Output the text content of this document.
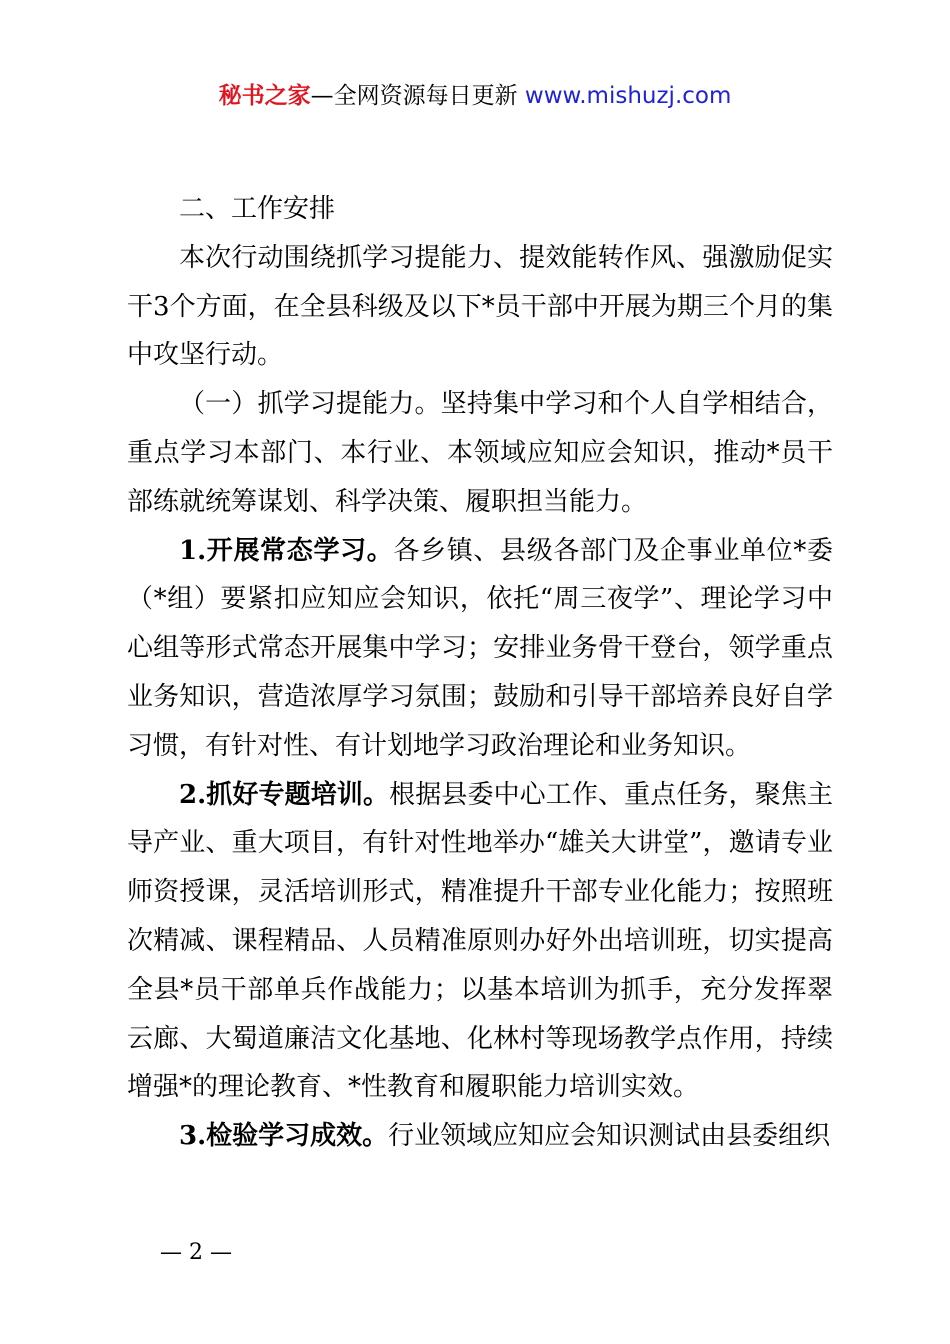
秘书之家—全网资源每日更新 www.mishuzj.com

二、工作安排

本次行动围绕抓学习提能力、提效能转作风、强激励促实干3个方面，在全县科级及以下*员干部中开展为期三个月的集中攻坚行动。

（一）抓学习提能力。坚持集中学习和个人自学相结合，重点学习本部门、本行业、本领域应知应会知识，推动*员干部练就统筹谋划、科学决策、履职担当能力。

1.开展常态学习。各乡镇、县级各部门及企事业单位*委（*组）要紧扣应知应会知识，依托“周三夜学”、理论学习中心组等形式常态开展集中学习；安排业务骨干登台，领学重点业务知识，营造浓厚学习氛围；鼓励和引导干部培养良好自学习惯，有针对性、有计划地学习政治理论和业务知识。

2.抓好专题培训。根据县委中心工作、重点任务，聚焦主导产业、重大项目，有针对性地举办“雄关大讲堂”，邀请专业师资授课，灵活培训形式，精准提升干部专业化能力；按照班次精减、课程精品、人员精准原则办好外出培训班，切实提高全县*员干部单兵作战能力；以基本培训为抓手，充分发挥翠云廊、大蜀道廉洁文化基地、化林村等现场教学点作用，持续增强*的理论教育、*性教育和履职能力培训实效。

3.检验学习成效。行业领域应知应会知识测试由县委组织

— 2 —
